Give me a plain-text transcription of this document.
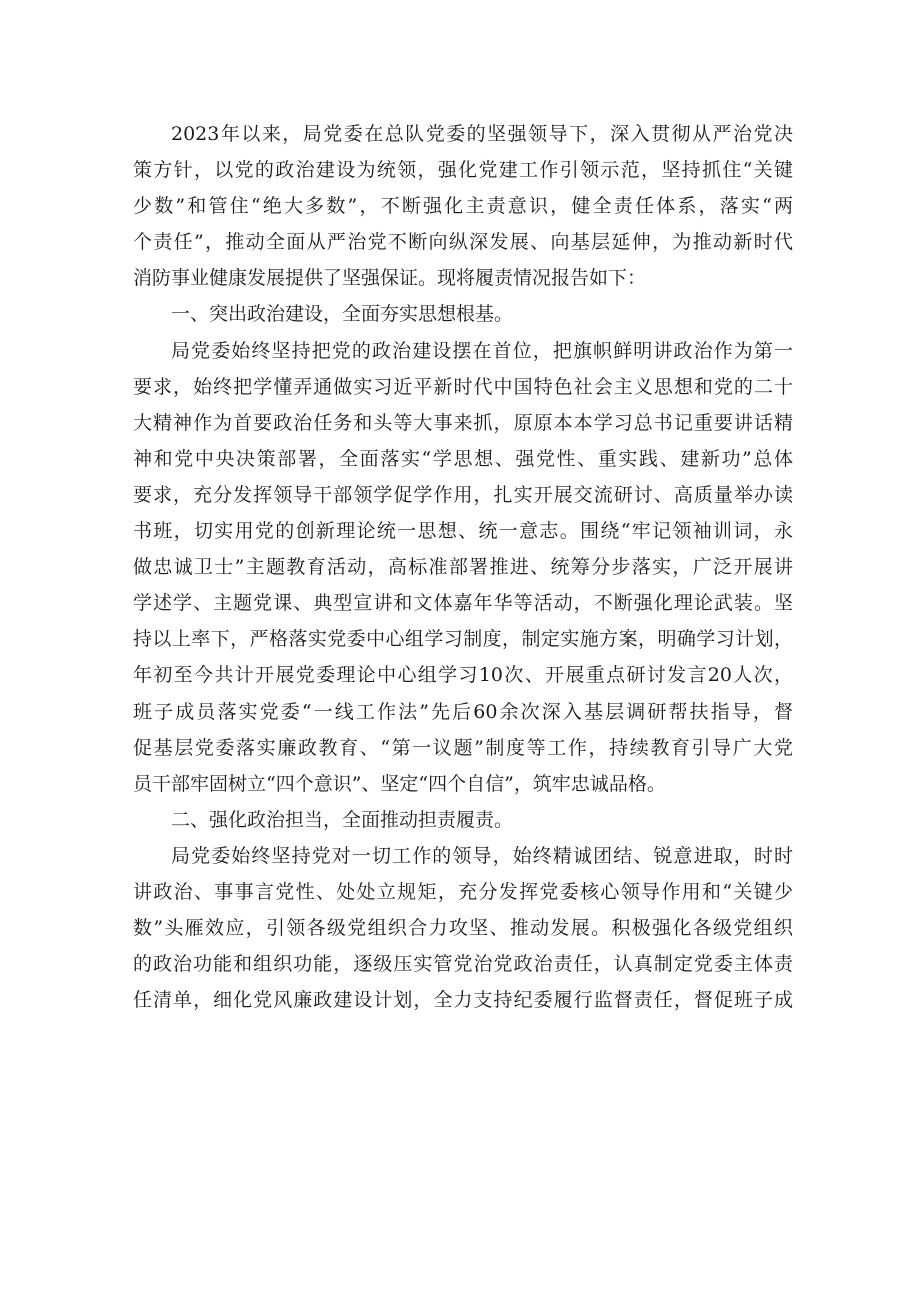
2023年以来，局党委在总队党委的坚强领导下，深入贯彻从严治党决
策方针，以党的政治建设为统领，强化党建工作引领示范，坚持抓住“关键
少数”和管住“绝大多数”，不断强化主责意识，健全责任体系，落实“两
个责任”，推动全面从严治党不断向纵深发展、向基层延伸，为推动新时代
消防事业健康发展提供了坚强保证。现将履责情况报告如下：
一、突出政治建设，全面夯实思想根基。
局党委始终坚持把党的政治建设摆在首位，把旗帜鲜明讲政治作为第一
要求，始终把学懂弄通做实习近平新时代中国特色社会主义思想和党的二十
大精神作为首要政治任务和头等大事来抓，原原本本学习总书记重要讲话精
神和党中央决策部署，全面落实“学思想、强党性、重实践、建新功”总体
要求，充分发挥领导干部领学促学作用，扎实开展交流研讨、高质量举办读
书班，切实用党的创新理论统一思想、统一意志。围绕“牢记领袖训词，永
做忠诚卫士”主题教育活动，高标准部署推进、统筹分步落实，广泛开展讲
学述学、主题党课、典型宣讲和文体嘉年华等活动，不断强化理论武装。坚
持以上率下，严格落实党委中心组学习制度，制定实施方案，明确学习计划，
年初至今共计开展党委理论中心组学习10次、开展重点研讨发言20人次，
班子成员落实党委“一线工作法”先后60余次深入基层调研帮扶指导，督
促基层党委落实廉政教育、“第一议题”制度等工作，持续教育引导广大党
员干部牢固树立“四个意识”、坚定“四个自信”，筑牢忠诚品格。
二、强化政治担当，全面推动担责履责。
局党委始终坚持党对一切工作的领导，始终精诚团结、锐意进取，时时
讲政治、事事言党性、处处立规矩，充分发挥党委核心领导作用和“关键少
数”头雁效应，引领各级党组织合力攻坚、推动发展。积极强化各级党组织
的政治功能和组织功能，逐级压实管党治党政治责任，认真制定党委主体责
任清单，细化党风廉政建设计划，全力支持纪委履行监督责任，督促班子成
